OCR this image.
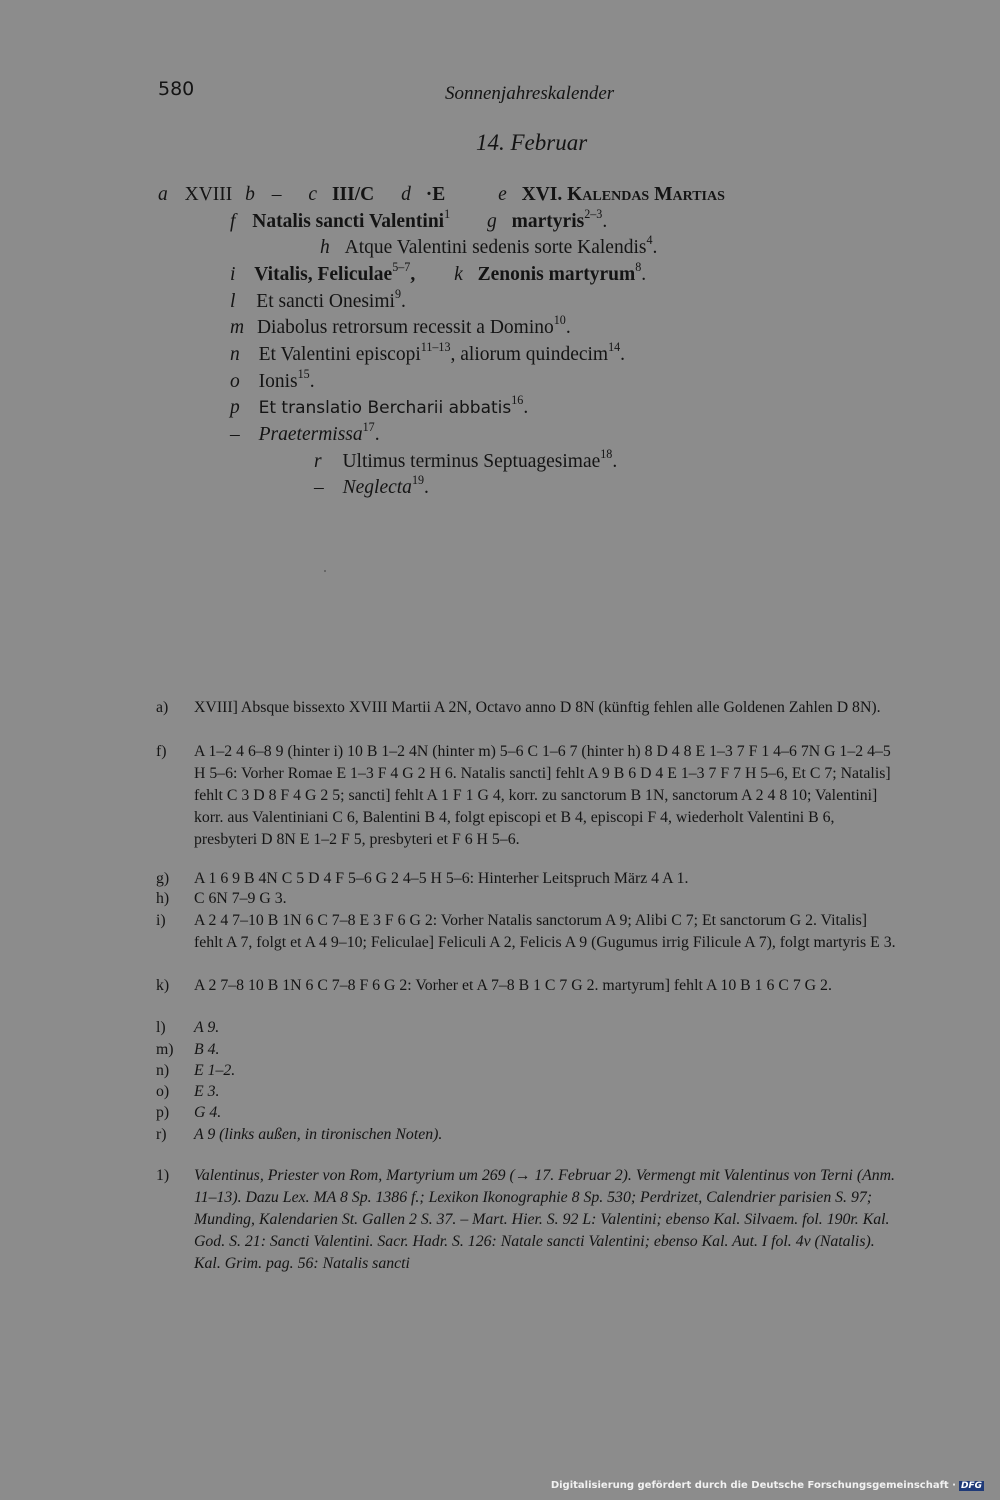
580	Sonnenjahreskalender
14. Februar
a XVIII b – c III/C d ·E	e XVI. Kalendas Martias
f Natalis sancti Valentini$^1$ g martyris$^{2-3}$.
h Atque Valentini sedenis sorte Kalendis$^4$.
i Vitalis, Feliculae$^{5-7}$, k Zenonis martyrum$^8$.
l Et sancti Onesimi$^9$.
m Diabolus retrorsum recessit a Domino$^{10}$.
n Et Valentini episcopi$^{11-13}$, aliorum quindecim$^{14}$.
o Ionis$^{15}$.
p Et translatio Bercharii abbatis$^{16}$.
– Praetermissa$^{17}$.
r Ultimus terminus Septuagesimae$^{18}$.
– Neglecta$^{19}$.
a) XVIII] Absque bissexto XVIII Martii A 2N, Octavo anno D 8N (künftig fehlen alle Goldenen Zahlen D 8N).
f) A 1–2 4 6–8 9 (hinter i) 10 B 1–2 4N (hinter m) 5–6 C 1–6 7 (hinter h) 8 D 4 8 E 1–3 7 F 1 4–6 7N G 1–2 4–5 H 5–6: Vorher Romae E 1–3 F 4 G 2 H 6. Natalis sancti] fehlt A 9 B 6 D 4 E 1–3 7 F 7 H 5–6, Et C 7; Natalis] fehlt C 3 D 8 F 4 G 2 5; sancti] fehlt A 1 F 1 G 4, korr. zu sanctorum B 1N, sanctorum A 2 4 8 10; Valentini] korr. aus Valentiniani C 6, Balentini B 4, folgt episcopi et B 4, episcopi F 4, wiederholt Valentini B 6, presbyteri D 8N E 1–2 F 5, presbyteri et F 6 H 5–6.
g) A 1 6 9 B 4N C 5 D 4 F 5–6 G 2 4–5 H 5–6: Hinterher Leitspruch März 4 A 1.
h) C 6N 7–9 G 3.
i) A 2 4 7–10 B 1N 6 C 7–8 E 3 F 6 G 2: Vorher Natalis sanctorum A 9; Alibi C 7; Et sanctorum G 2. Vitalis] fehlt A 7, folgt et A 4 9–10; Feliculae] Feliculi A 2, Felicis A 9 (Gugumus irrig Filicule A 7), folgt martyris E 3.
k) A 2 7–8 10 B 1N 6 C 7–8 F 6 G 2: Vorher et A 7–8 B 1 C 7 G 2. martyrum] fehlt A 10 B 1 6 C 7 G 2.
l) A 9.
m) B 4.
n) E 1–2.
o) E 3.
p) G 4.
r) A 9 (links außen, in tironischen Noten).
1) Valentinus, Priester von Rom, Martyrium um 269 (→ 17. Februar 2). Vermengt mit Valentinus von Terni (Anm. 11–13). Dazu Lex. MA 8 Sp. 1386 f.; Lexikon Ikonographie 8 Sp. 530; Perdrizet, Calendrier parisien S. 97; Munding, Kalendarien St. Gallen 2 S. 37. – Mart. Hier. S. 92 L: Valentini; ebenso Kal. Silvaem. fol. 190r. Kal. God. S. 21: Sancti Valentini. Sacr. Hadr. S. 126: Natale sancti Valentini; ebenso Kal. Aut. I fol. 4v (Natalis). Kal. Grim. pag. 56: Natalis sancti
Digitalisierung gefördert durch die Deutsche Forschungsgemeinschaft · DFG
